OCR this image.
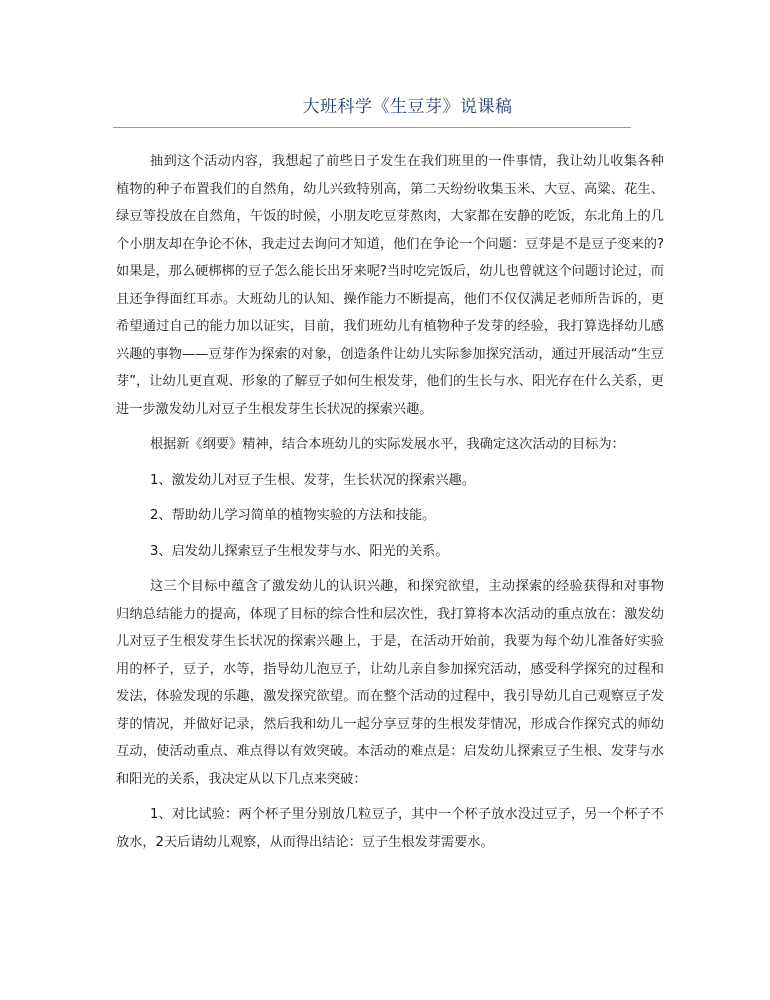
大班科学《生豆芽》说课稿

抽到这个活动内容，我想起了前些日子发生在我们班里的一件事情，我让幼儿收集各种植物的种子布置我们的自然角，幼儿兴致特别高，第二天纷纷收集玉米、大豆、高粱、花生、绿豆等投放在自然角，午饭的时候，小朋友吃豆芽熬肉，大家都在安静的吃饭，东北角上的几个小朋友却在争论不休，我走过去询问才知道，他们在争论一个问题：豆芽是不是豆子变来的?如果是，那么硬梆梆的豆子怎么能长出牙来呢?当时吃完饭后，幼儿也曾就这个问题讨论过，而且还争得面红耳赤。大班幼儿的认知、操作能力不断提高，他们不仅仅满足老师所告诉的，更希望通过自己的能力加以证实，目前，我们班幼儿有植物种子发芽的经验，我打算选择幼儿感兴趣的事物——豆芽作为探索的对象，创造条件让幼儿实际参加探究活动，通过开展活动“生豆芽”，让幼儿更直观、形象的了解豆子如何生根发芽，他们的生长与水、阳光存在什么关系，更进一步激发幼儿对豆子生根发芽生长状况的探索兴趣。

根据新《纲要》精神，结合本班幼儿的实际发展水平，我确定这次活动的目标为：

1、激发幼儿对豆子生根、发芽，生长状况的探索兴趣。

2、帮助幼儿学习简单的植物实验的方法和技能。

3、启发幼儿探索豆子生根发芽与水、阳光的关系。

这三个目标中蕴含了激发幼儿的认识兴趣，和探究欲望，主动探索的经验获得和对事物归纳总结能力的提高，体现了目标的综合性和层次性，我打算将本次活动的重点放在：激发幼儿对豆子生根发芽生长状况的探索兴趣上，于是，在活动开始前，我要为每个幼儿准备好实验用的杯子，豆子，水等，指导幼儿泡豆子，让幼儿亲自参加探究活动，感受科学探究的过程和发法，体验发现的乐趣，激发探究欲望。而在整个活动的过程中，我引导幼儿自己观察豆子发芽的情况，并做好记录，然后我和幼儿一起分享豆芽的生根发芽情况，形成合作探究式的师幼互动，使活动重点、难点得以有效突破。本活动的难点是：启发幼儿探索豆子生根、发芽与水和阳光的关系，我决定从以下几点来突破：

1、对比试验：两个杯子里分别放几粒豆子，其中一个杯子放水没过豆子，另一个杯子不放水，2天后请幼儿观察，从而得出结论：豆子生根发芽需要水。
